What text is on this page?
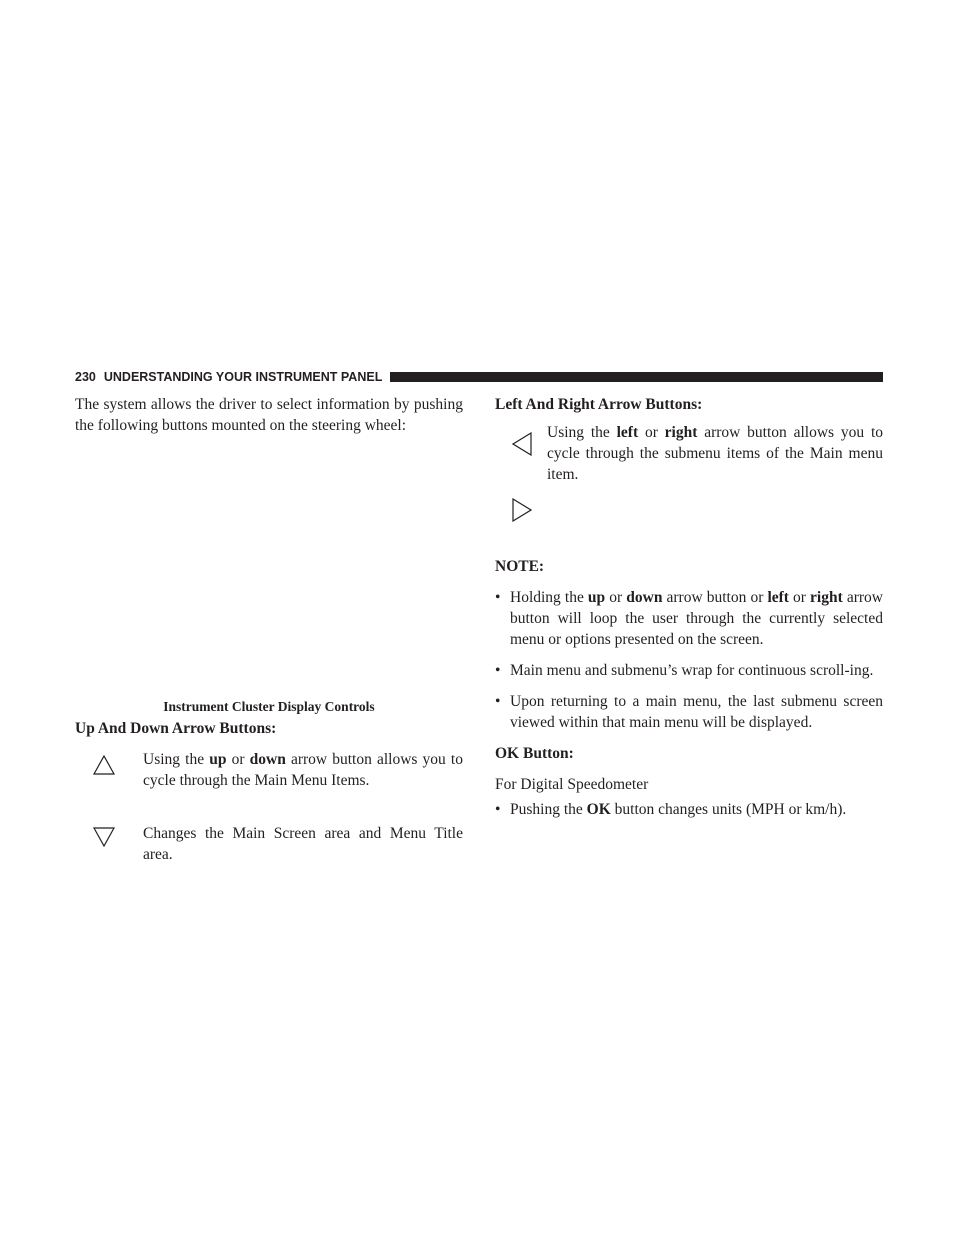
230 UNDERSTANDING YOUR INSTRUMENT PANEL

The system allows the driver to select information by pushing the following buttons mounted on the steering wheel:

Instrument Cluster Display Controls
Up And Down Arrow Buttons:

Using the up or down arrow button allows you to cycle through the Main Menu Items.

Changes the Main Screen area and Menu Title area.

Left And Right Arrow Buttons:

Using the left or right arrow button allows you to cycle through the submenu items of the Main menu item.

NOTE:
• Holding the up or down arrow button or left or right arrow button will loop the user through the currently selected menu or options presented on the screen.
• Main menu and submenu’s wrap for continuous scroll-ing.
• Upon returning to a main menu, the last submenu screen viewed within that main menu will be displayed.
OK Button:

For Digital Speedometer

• Pushing the OK button changes units (MPH or km/h).
